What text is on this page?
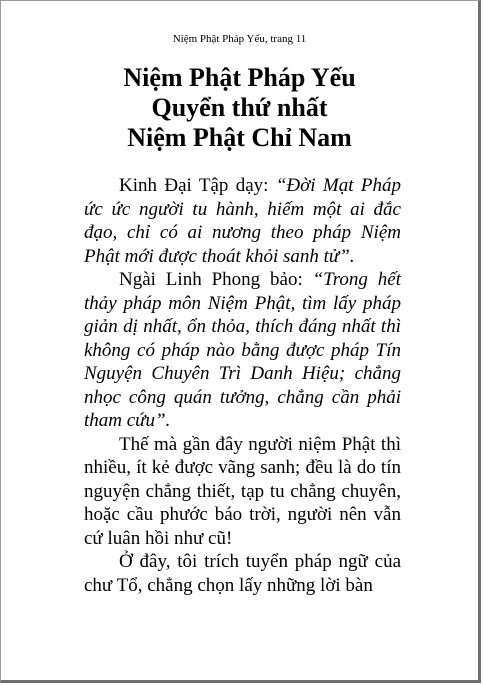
Niệm Phật Pháp Yếu, trang 11
Niệm Phật Pháp Yếu
Quyển thứ nhất
Niệm Phật Chỉ Nam

Kinh Đại Tập dạy: “Đời Mạt Pháp ức ức người tu hành, hiếm một ai đắc đạo, chỉ có ai nương theo pháp Niệm Phật mới được thoát khỏi sanh tử”.

Ngài Linh Phong bảo: “Trong hết thảy pháp môn Niệm Phật, tìm lấy pháp giản dị nhất, ổn thỏa, thích đáng nhất thì không có pháp nào bằng được pháp Tín Nguyện Chuyên Trì Danh Hiệu; chẳng nhọc công quán tưởng, chẳng cần phải tham cứu”.

Thế mà gần đây người niệm Phật thì nhiều, ít kẻ được vãng sanh; đều là do tín nguyện chẳng thiết, tạp tu chẳng chuyên, hoặc cầu phước báo trời, người nên vẫn cứ luân hồi như cũ!

Ở đây, tôi trích tuyển pháp ngữ của chư Tổ, chẳng chọn lấy những lời bàn
